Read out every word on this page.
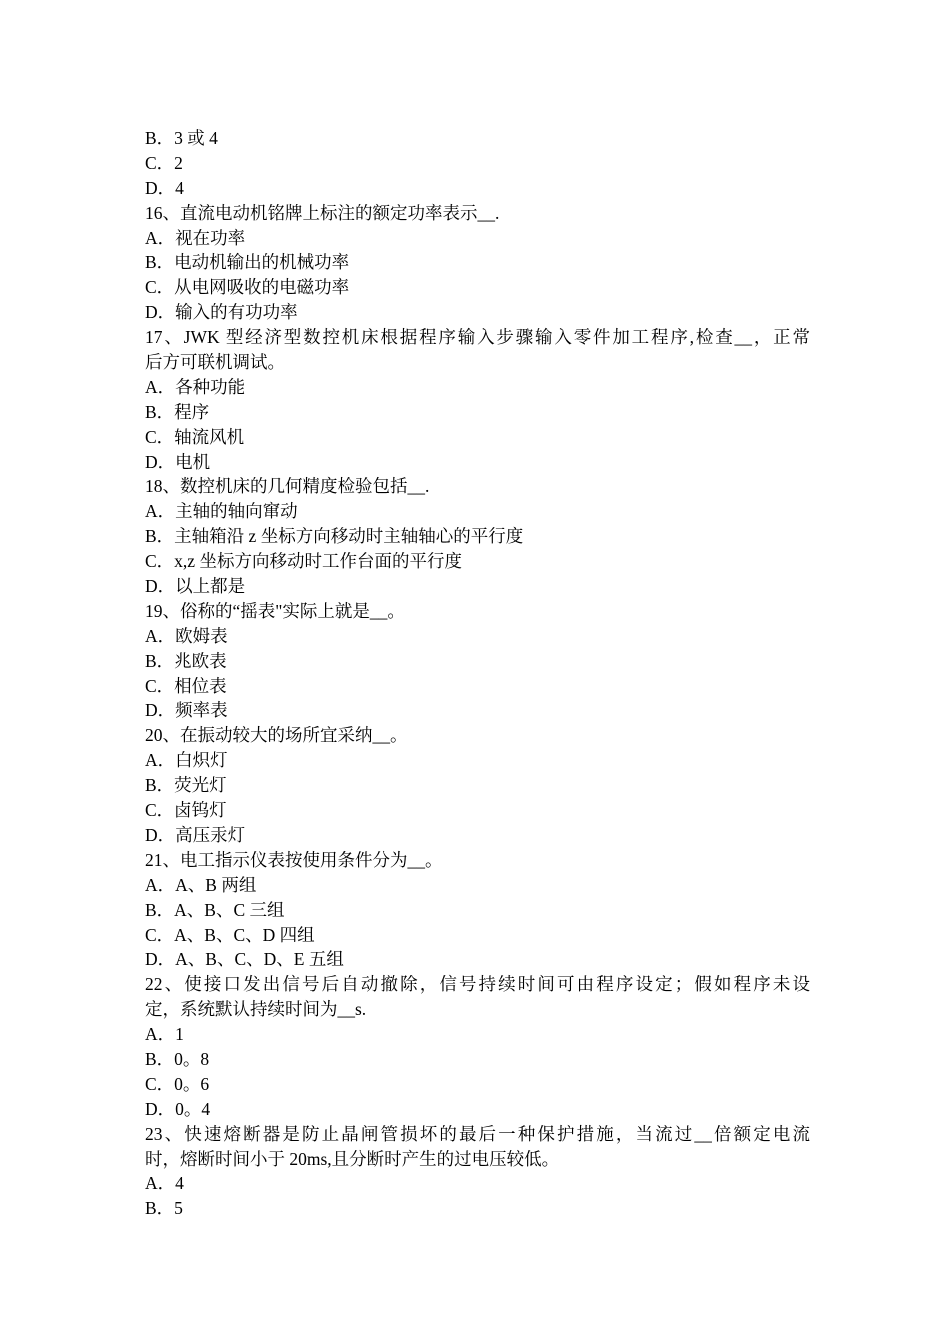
B．3 或 4
C．2
D．4
16、直流电动机铭牌上标注的额定功率表示__.
A．视在功率
B．电动机输出的机械功率
C．从电网吸收的电磁功率
D．输入的有功功率
17、JWK 型经济型数控机床根据程序输入步骤输入零件加工程序,检查__，正常
后方可联机调试。
A．各种功能
B．程序
C．轴流风机
D．电机
18、数控机床的几何精度检验包括__.
A．主轴的轴向窜动
B．主轴箱沿 z 坐标方向移动时主轴轴心的平行度
C．x,z 坐标方向移动时工作台面的平行度
D．以上都是
19、俗称的“摇表"实际上就是__。
A．欧姆表
B．兆欧表
C．相位表
D．频率表
20、在振动较大的场所宜采纳__。
A．白炽灯
B．荧光灯
C．卤钨灯
D．高压汞灯
21、电工指示仪表按使用条件分为__。
A．A、B 两组
B．A、B、C 三组
C．A、B、C、D 四组
D．A、B、C、D、E 五组
22、使接口发出信号后自动撤除，信号持续时间可由程序设定；假如程序未设
定，系统默认持续时间为__s.
A．1
B．0。8
C．0。6
D．0。4
23、快速熔断器是防止晶闸管损坏的最后一种保护措施，当流过__倍额定电流
时，熔断时间小于 20ms,且分断时产生的过电压较低。
A．4
B．5
